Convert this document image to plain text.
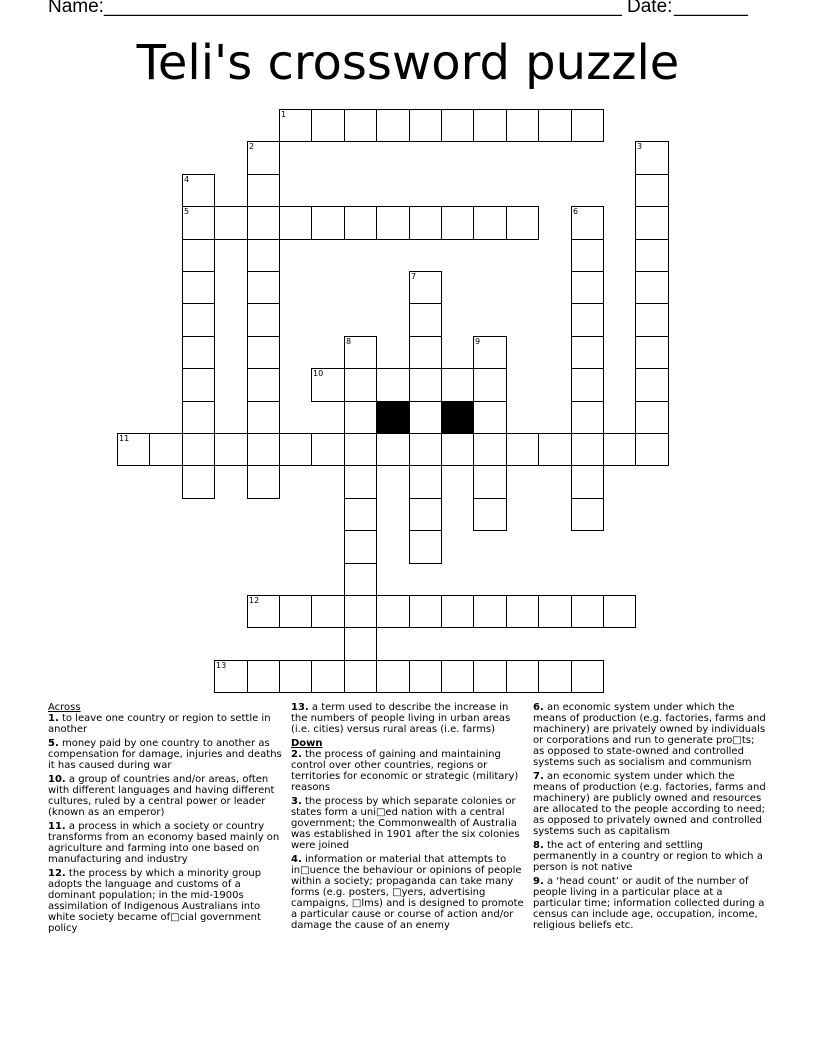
Name: _________________________________________________ Date: _______
Teli's crossword puzzle
1
5
10
11
12
13
2	3
4
6
7
8	9
Across
1. to leave one country or region to settle in another
5. money paid by one country to another as compensation for damage, injuries and deaths it has caused during war
10. a group of countries and/or areas, often with different languages and having different cultures, ruled by a central power or leader (known as an emperor)
11. a process in which a society or country transforms from an economy based mainly on agriculture and farming into one based on manufacturing and industry
12. the process by which a minority group adopts the language and customs of a dominant population; in the mid-1900s assimilation of Indigenous Australians into white society became of□cial government policy
13. a term used to describe the increase in the numbers of people living in urban areas (i.e. cities) versus rural areas (i.e. farms)
Down
2. the process of gaining and maintaining control over other countries, regions or territories for economic or strategic (military) reasons
3. the process by which separate colonies or states form a uni□ed nation with a central government; the Commonwealth of Australia was established in 1901 after the six colonies were joined
4. information or material that attempts to in□uence the behaviour or opinions of people within a society; propaganda can take many forms (e.g. posters, □yers, advertising campaigns, □lms) and is designed to promote a particular cause or course of action and/or damage the cause of an enemy
6. an economic system under which the means of production (e.g. factories, farms and machinery) are privately owned by individuals or corporations and run to generate pro□ts; as opposed to state-owned and controlled systems such as socialism and communism
7. an economic system under which the means of production (e.g. factories, farms and machinery) are publicly owned and resources are allocated to the people according to need; as opposed to privately owned and controlled systems such as capitalism
8. the act of entering and settling permanently in a country or region to which a person is not native
9. a ‘head count’ or audit of the number of people living in a particular place at a particular time; information collected during a census can include age, occupation, income, religious beliefs etc.
